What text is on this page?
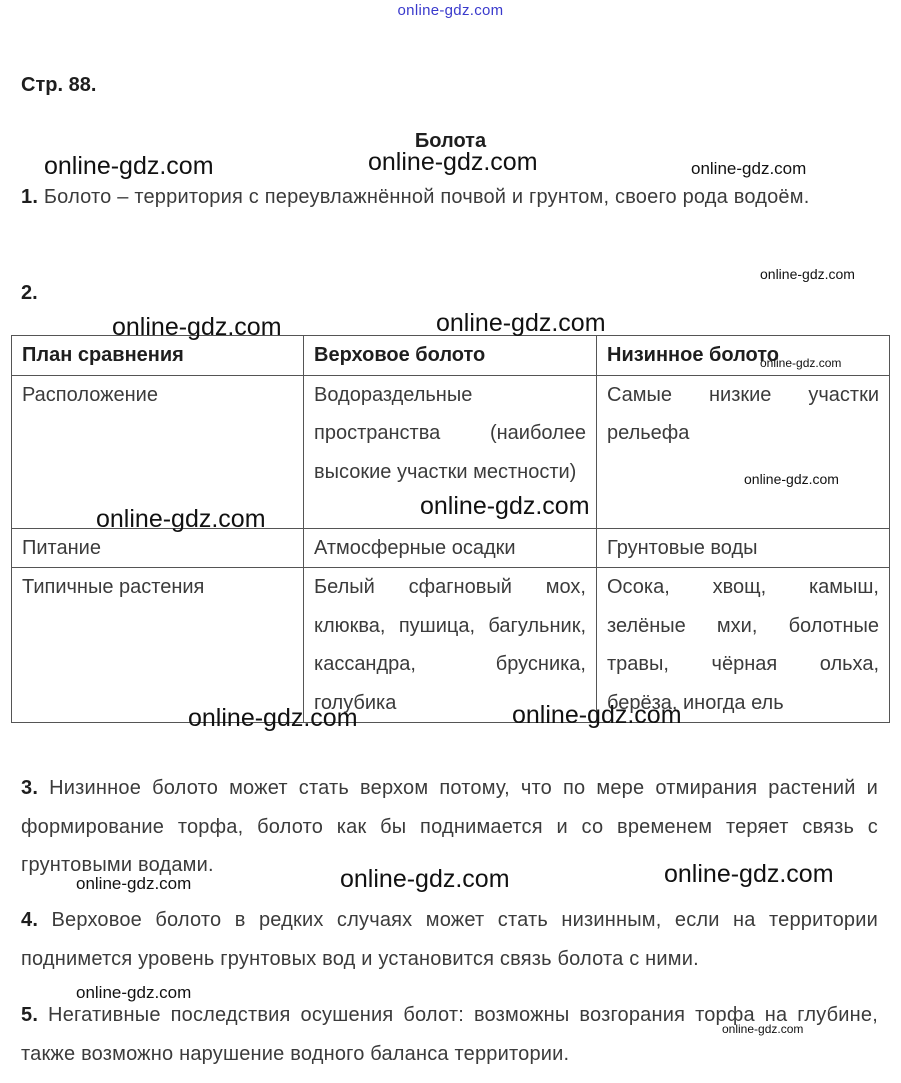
online-gdz.com
Стр. 88.
Болота

1. Болото – территория с переувлажнённой почвой и грунтом, своего рода водоём.

2.
План сравнения	Верховое болото	Низинное болото
Расположение	Водораздельные пространства (наиболее высокие участки местности)	Самые низкие участки рельефа
Питание	Атмосферные осадки	Грунтовые воды
Типичные растения	Белый сфагновый мох, клюква, пушица, багульник, кассандра, брусника, голубика	Осока, хвощ, камыш, зелёные мхи, болотные травы, чёрная ольха, берёза, иногда ель

3. Низинное болото может стать верхом потому, что по мере отмирания растений и формирование торфа, болото как бы поднимается и со временем теряет связь с грунтовыми водами.

4. Верховое болото в редких случаях может стать низинным, если на территории поднимется уровень грунтовых вод и установится связь болота с ними.

5. Негативные последствия осушения болот: возможны возгорания торфа на глубине, также возможно нарушение водного баланса территории.

online-gdz.com	online-gdz.com	online-gdz.com
online-gdz.com
online-gdz.com	online-gdz.com
online-gdz.com
online-gdz.com
online-gdz.com	online-gdz.com
online-gdz.com	online-gdz.com
online-gdz.com	online-gdz.com	online-gdz.com
online-gdz.com
online-gdz.com
